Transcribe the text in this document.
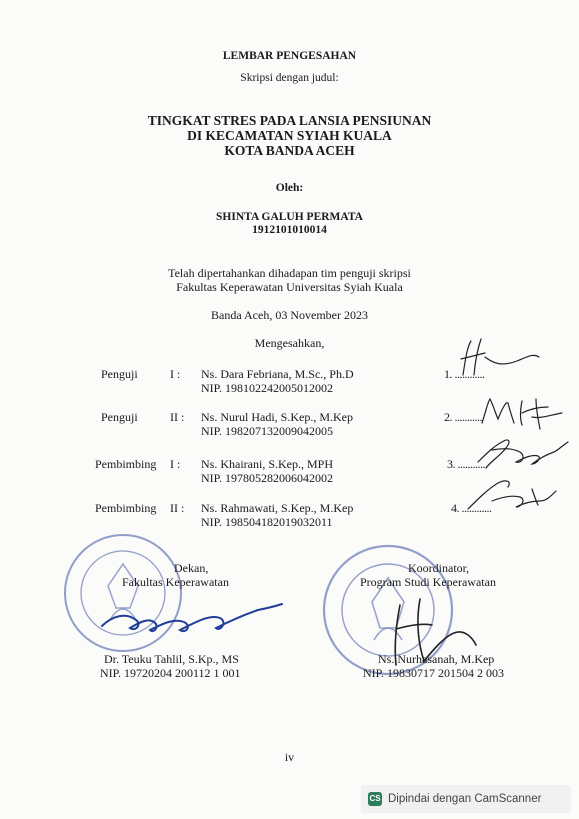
LEMBAR PENGESAHAN
Skripsi dengan judul:
TINGKAT STRES PADA LANSIA PENSIUNAN
DI KECAMATAN SYIAH KUALA
KOTA BANDA ACEH
Oleh:
SHINTA GALUH PERMATA
1912101010014
Telah dipertahankan dihadapan tim penguji skripsi
Fakultas Keperawatan Universitas Syiah Kuala
Banda Aceh, 03 November 2023
Mengesahkan,
Penguji	I : Ns. Dara Febriana, M.Sc., Ph.D
NIP. 198102242005012002
1. ............
Penguji	II : Ns. Nurul Hadi, S.Kep., M.Kep
NIP. 198207132009042005
2. ...........
Pembimbing I : Ns. Khairani, S.Kep., MPH
NIP. 197805282006042002
3. ...........
Pembimbing II : Ns. Rahmawati, S.Kep., M.Kep
NIP. 198504182019032011
4. ............
Dekan,
Fakultas Keperawatan
Dr. Teuku Tahlil, S.Kp., MS
NIP. 19720204 200112 1 001
Koordinator,
Program Studi Keperawatan
Ns. Nurhasanah, M.Kep
NIP. 19830717 201504 2 003
iv
CS Dipindai dengan CamScanner
